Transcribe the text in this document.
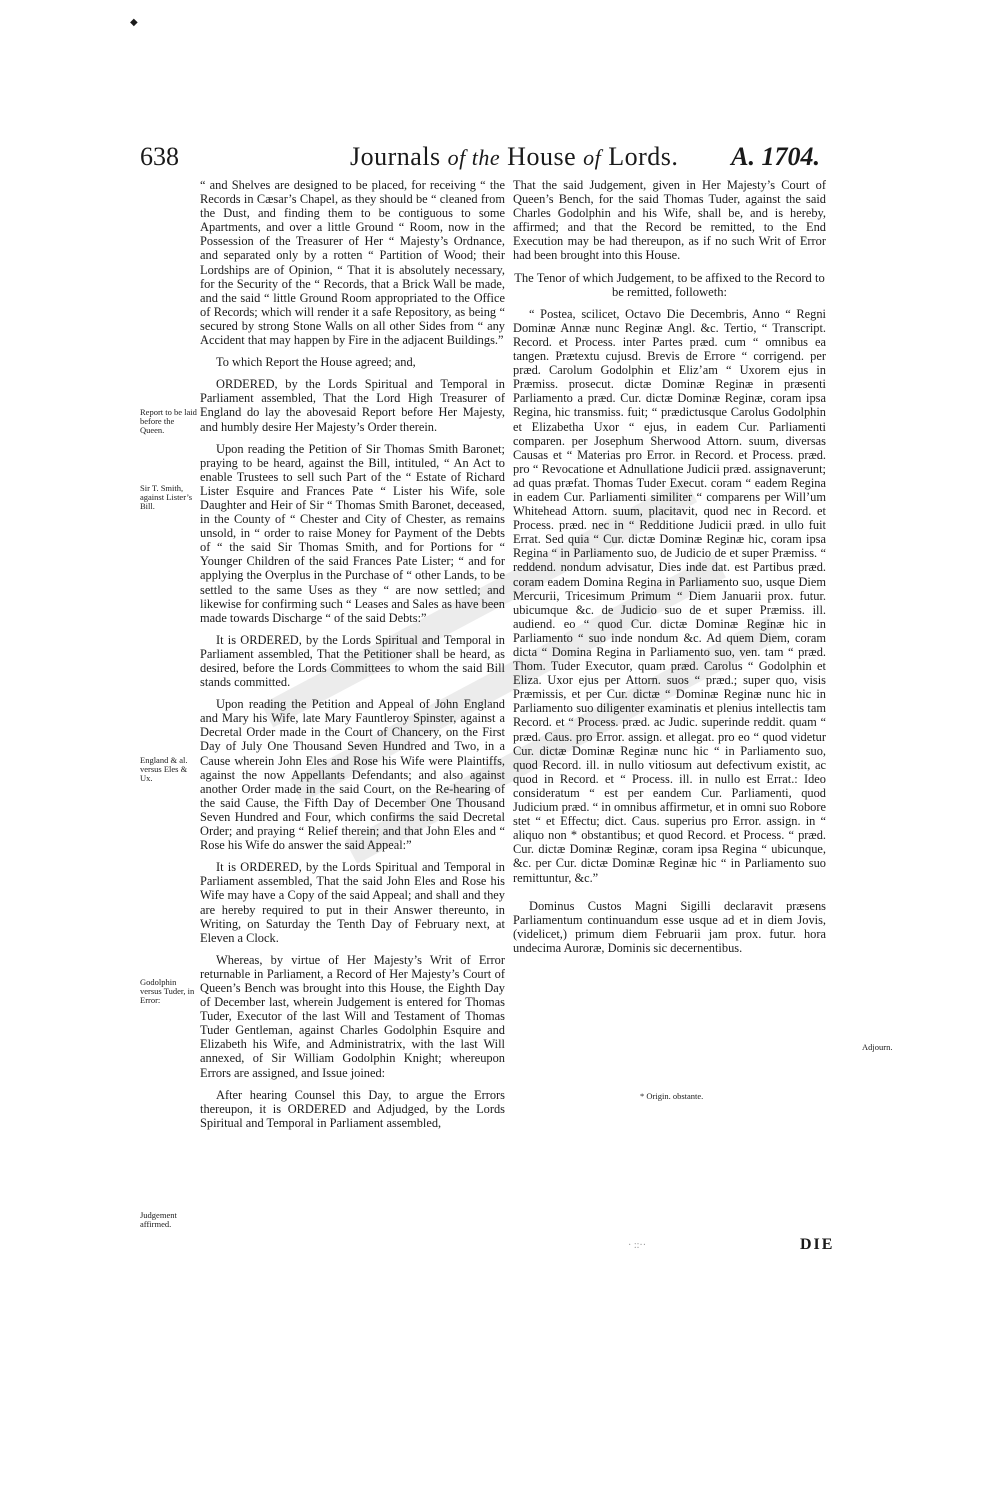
◆
638	Journals of the House of Lords. A. 1704.

“ and Shelves are designed to be placed, for receiving “ the Records in Cæsar’s Chapel, as they should be “ cleaned from the Dust, and finding them to be contiguous to some Apartments, and over a little Ground “ Room, now in the Possession of the Treasurer of Her “ Majesty’s Ordnance, and separated only by a rotten “ Partition of Wood; their Lordships are of Opinion, “ That it is absolutely necessary, for the Security of the “ Records, that a Brick Wall be made, and the said “ little Ground Room appropriated to the Office of Records; which will render it a safe Repository, as being “ secured by strong Stone Walls on all other Sides from “ any Accident that may happen by Fire in the adjacent Buildings.”

To which Report the House agreed; and,

ORDERED, by the Lords Spiritual and Temporal in Parliament assembled, That the Lord High Treasurer of England do lay the abovesaid Report before Her Majesty, and humbly desire Her Majesty’s Order therein.

Upon reading the Petition of Sir Thomas Smith Baronet; praying to be heard, against the Bill, intituled, “ An Act to enable Trustees to sell such Part of the “ Estate of Richard Lister Esquire and Frances Pate “ Lister his Wife, sole Daughter and Heir of Sir “ Thomas Smith Baronet, deceased, in the County of “ Chester and City of Chester, as remains unsold, in “ order to raise Money for Payment of the Debts of “ the said Sir Thomas Smith, and for Portions for “ Younger Children of the said Frances Pate Lister; “ and for applying the Overplus in the Purchase of “ other Lands, to be settled to the same Uses as they “ are now settled; and likewise for confirming such “ Leases and Sales as have been made towards Discharge “ of the said Debts:”

It is ORDERED, by the Lords Spiritual and Temporal in Parliament assembled, That the Petitioner shall be heard, as desired, before the Lords Committees to whom the said Bill stands committed.

Upon reading the Petition and Appeal of John England and Mary his Wife, late Mary Fauntleroy Spinster, against a Decretal Order made in the Court of Chancery, on the First Day of July One Thousand Seven Hundred and Two, in a Cause wherein John Eles and Rose his Wife were Plaintiffs, against the now Appellants Defendants; and also against another Order made in the said Court, on the Re-hearing of the said Cause, the Fifth Day of December One Thousand Seven Hundred and Four, which confirms the said Decretal Order; and praying “ Relief therein; and that John Eles and “ Rose his Wife do answer the said Appeal:”

It is ORDERED, by the Lords Spiritual and Temporal in Parliament assembled, That the said John Eles and Rose his Wife may have a Copy of the said Appeal; and shall and they are hereby required to put in their Answer thereunto, in Writing, on Saturday the Tenth Day of February next, at Eleven a Clock.

Whereas, by virtue of Her Majesty’s Writ of Error returnable in Parliament, a Record of Her Majesty’s Court of Queen’s Bench was brought into this House, the Eighth Day of December last, wherein Judgement is entered for Thomas Tuder, Executor of the last Will and Testament of Thomas Tuder Gentleman, against Charles Godolphin Esquire and Elizabeth his Wife, and Administratrix, with the last Will annexed, of Sir William Godolphin Knight; whereupon Errors are assigned, and Issue joined:

After hearing Counsel this Day, to argue the Errors thereupon, it is ORDERED and Adjudged, by the Lords Spiritual and Temporal in Parliament assembled,

Report to be laid before the Queen.
Sir T. Smith, against Lister’s Bill.
England & al. versus Eles & Ux.
Godolphin versus Tuder, in Error:
Judgement affirmed.

That the said Judgement, given in Her Majesty’s Court of Queen’s Bench, for the said Thomas Tuder, against the said Charles Godolphin and his Wife, shall be, and is hereby, affirmed; and that the Record be remitted, to the End Execution may be had thereupon, as if no such Writ of Error had been brought into this House.

The Tenor of which Judgement, to be affixed to the Record to be remitted, followeth:

“ Postea, scilicet, Octavo Die Decembris, Anno “ Regni Dominæ Annæ nunc Reginæ Angl. &c. Tertio, “ Transcript. Record. et Process. inter Partes præd. cum “ omnibus ea tangen. Prætextu cujusd. Brevis de Errore “ corrigend. per præd. Carolum Godolphin et Eliz’am “ Uxorem ejus in Præmiss. prosecut. dictæ Dominæ Reginæ in præsenti Parliamento a præd. Cur. dictæ Dominæ Reginæ, coram ipsa Regina, hic transmiss. fuit; “ prædictusque Carolus Godolphin et Elizabetha Uxor “ ejus, in eadem Cur. Parliamenti comparen. per Josephum Sherwood Attorn. suum, diversas Causas et “ Materias pro Error. in Record. et Process. præd. pro “ Revocatione et Adnullatione Judicii præd. assignaverunt; ad quas præfat. Thomas Tuder Execut. coram “ eadem Regina in eadem Cur. Parliamenti similiter “ comparens per Will’um Whitehead Attorn. suum, placitavit, quod nec in Record. et Process. præd. nec in “ Redditione Judicii præd. in ullo fuit Errat. Sed quia “ Cur. dictæ Dominæ Reginæ hic, coram ipsa Regina “ in Parliamento suo, de Judicio de et super Præmiss. “ reddend. nondum advisatur, Dies inde dat. est Partibus præd. coram eadem Domina Regina in Parliamento suo, usque Diem Mercurii, Tricesimum Primum “ Diem Januarii prox. futur. ubicumque &c. de Judicio suo de et super Præmiss. ill. audiend. eo “ quod Cur. dictæ Dominæ Reginæ hic in Parliamento “ suo inde nondum &c. Ad quem Diem, coram dicta “ Domina Regina in Parliamento suo, ven. tam “ præd. Thom. Tuder Executor, quam præd. Carolus “ Godolphin et Eliza. Uxor ejus per Attorn. suos “ præd.; super quo, visis Præmissis, et per Cur. dictæ “ Dominæ Reginæ nunc hic in Parliamento suo diligenter examinatis et plenius intellectis tam Record. et “ Process. præd. ac Judic. superinde reddit. quam “ præd. Caus. pro Error. assign. et allegat. pro eo “ quod videtur Cur. dictæ Dominæ Reginæ nunc hic “ in Parliamento suo, quod Record. ill. in nullo vitiosum aut defectivum existit, ac quod in Record. et “ Process. ill. in nullo est Errat.: Ideo consideratum “ est per eandem Cur. Parliamenti, quod Judicium præd. “ in omnibus affirmetur, et in omni suo Robore stet “ et Effectu; dict. Caus. superius pro Error. assign. in “ aliquo non * obstantibus; et quod Record. et Process. “ præd. Cur. dictæ Dominæ Reginæ, coram ipsa Regina “ ubicunque, &c. per Cur. dictæ Dominæ Reginæ hic “ in Parliamento suo remittuntur, &c.”

Dominus Custos Magni Sigilli declaravit præsens Parliamentum continuandum esse usque ad et in diem Jovis, (videlicet,) primum diem Februarii jam prox. futur. hora undecima Auroræ, Dominis sic decernentibus.

Adjourn.
* Origin. obstante.
· ::··	DIE
